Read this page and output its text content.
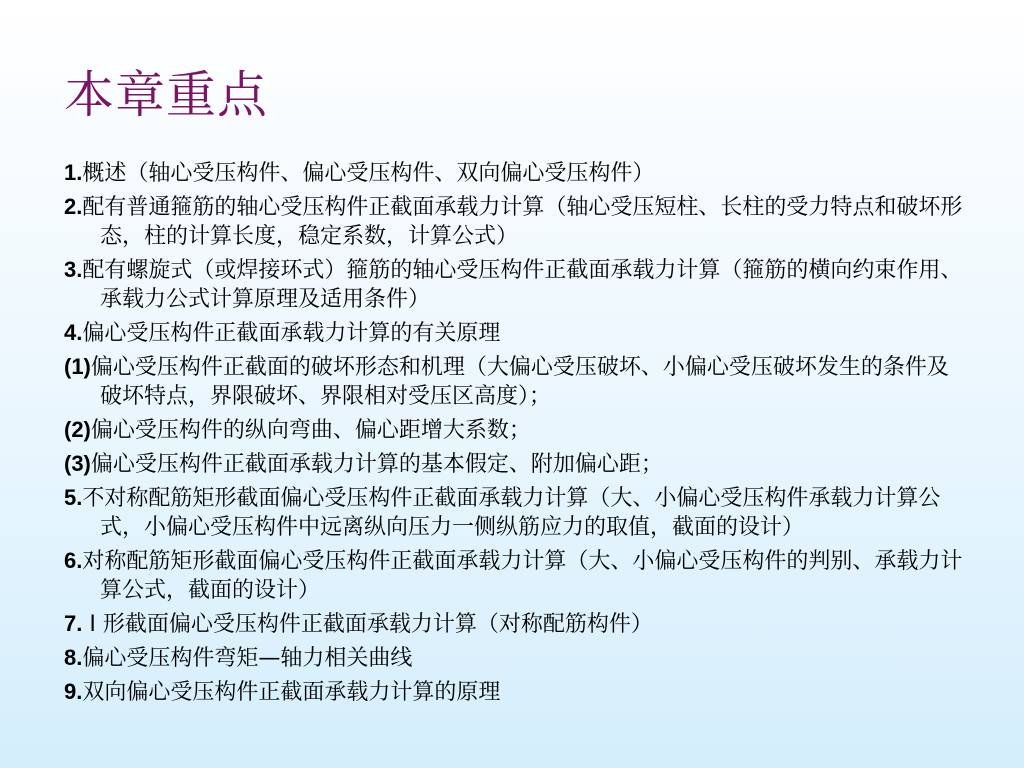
本章重点
1.概述（轴心受压构件、偏心受压构件、双向偏心受压构件）
2.配有普通箍筋的轴心受压构件正截面承载力计算（轴心受压短柱、长柱的受力特点和破坏形态，柱的计算长度，稳定系数，计算公式）
3.配有螺旋式（或焊接环式）箍筋的轴心受压构件正截面承载力计算（箍筋的横向约束作用、承载力公式计算原理及适用条件）
4.偏心受压构件正截面承载力计算的有关原理
(1)偏心受压构件正截面的破坏形态和机理（大偏心受压破坏、小偏心受压破坏发生的条件及破坏特点，界限破坏、界限相对受压区高度）；
(2)偏心受压构件的纵向弯曲、偏心距增大系数；
(3)偏心受压构件正截面承载力计算的基本假定、附加偏心距；
5.不对称配筋矩形截面偏心受压构件正截面承载力计算（大、小偏心受压构件承载力计算公式，小偏心受压构件中远离纵向压力一侧纵筋应力的取值，截面的设计）
6.对称配筋矩形截面偏心受压构件正截面承载力计算（大、小偏心受压构件的判别、承载力计算公式，截面的设计）
7. I 形截面偏心受压构件正截面承载力计算（对称配筋构件）
8.偏心受压构件弯矩—轴力相关曲线
9.双向偏心受压构件正截面承载力计算的原理
